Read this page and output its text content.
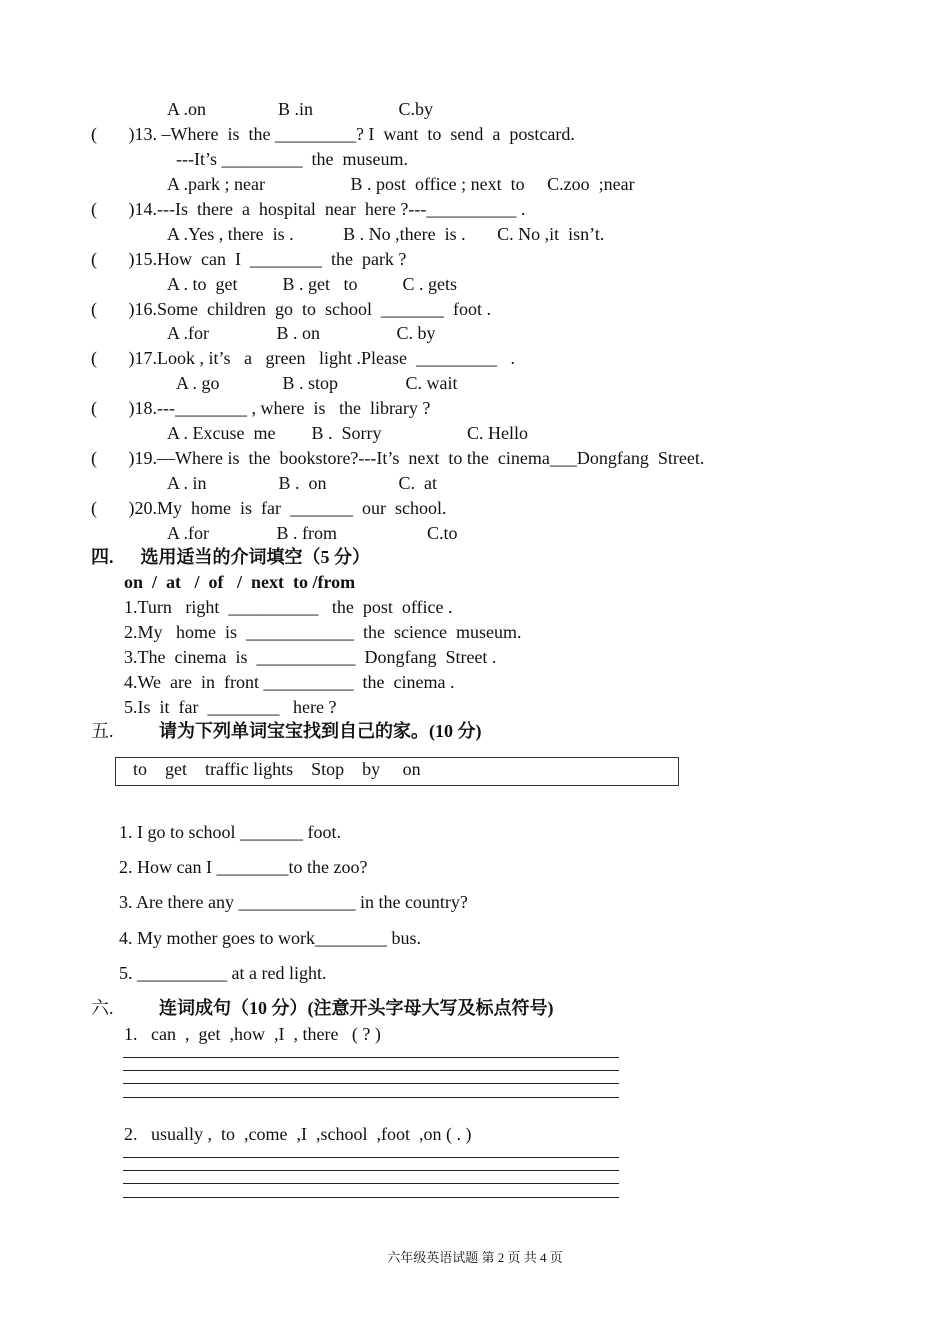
A .on                B .in                   C.by
(       )13. –Where  is  the _________? I  want  to  send  a  postcard.
---It’s _________  the  museum.
A .park ; near                   B . post  office ; next  to     C.zoo  ;near
(       )14.---Is  there  a  hospital  near  here ?---__________ .
A .Yes , there  is .           B . No ,there  is .       C. No ,it  isn’t.
(       )15.How  can  I  ________  the  park ?
A . to  get          B . get   to          C . gets
(       )16.Some  children  go  to  school  _______  foot .
A .for               B . on                 C. by
(       )17.Look , it’s   a   green   light .Please  _________   .
A . go              B . stop               C. wait
(       )18.---________ , where  is   the  library ?
A . Excuse  me        B .  Sorry                   C. Hello
(       )19.—Where is  the  bookstore?---It’s  next  to the  cinema___Dongfang  Street.
A . in                B .  on                C.  at
(       )20.My  home  is  far  _______  our  school.
A .for               B . from                    C.to
四.      选用适当的介词填空（5 分）
on  /  at   /  of   /  next  to /from
1.Turn   right  __________   the  post  office .
2.My   home  is  ____________  the  science  museum.
3.The  cinema  is  ___________  Dongfang  Street .
4.We  are  in  front __________  the  cinema .
5.Is  it  far  ________   here ?
五.	请为下列单词宝宝找到自己的家。(10 分)
to    get    traffic lights    Stop    by     on
1. I go to school _______ foot.
2. How can I ________to the zoo?
3. Are there any _____________ in the country?
4. My mother goes to work________ bus.
5. __________ at a red light.
六.	连词成句（10 分）(注意开头字母大写及标点符号)
1.   can  ,  get  ,how  ,I  , there   ( ? )
2.   usually ,  to  ,come  ,I  ,school  ,foot  ,on ( . )
六年级英语试题 第 2 页 共 4 页
